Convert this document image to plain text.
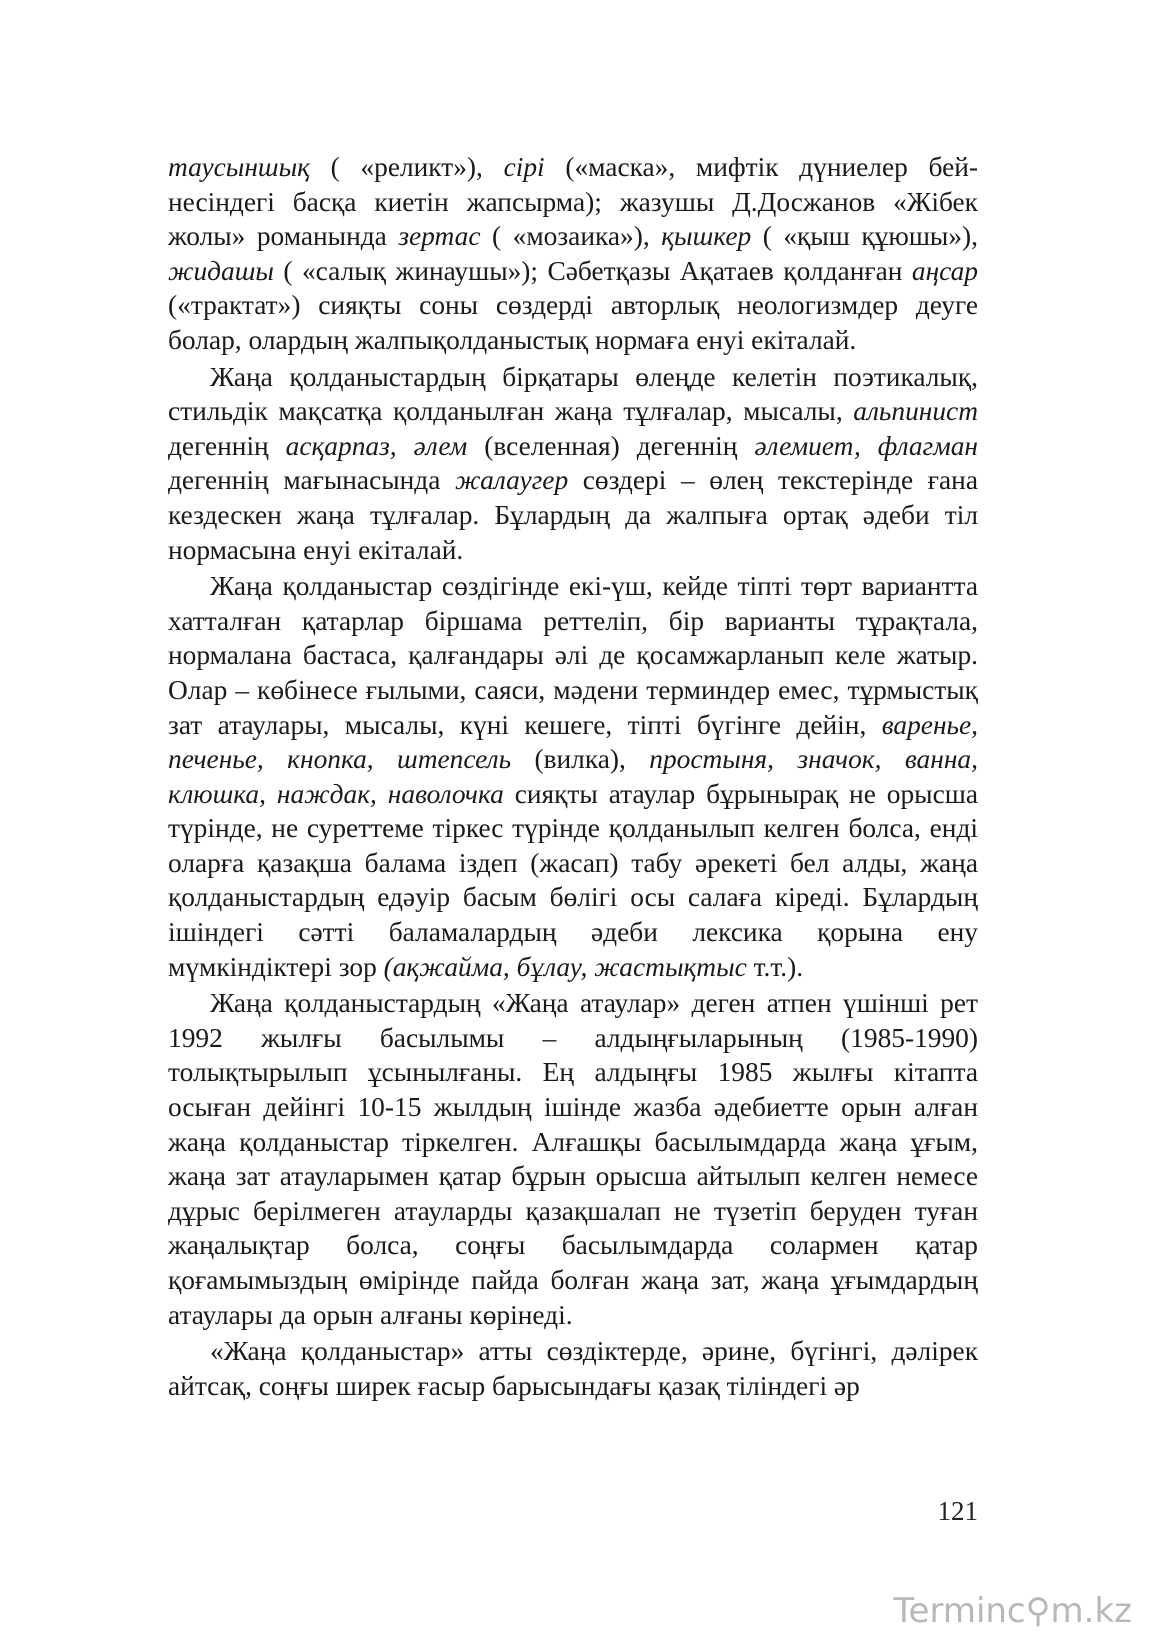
таусыншық ( «реликт»), сірі («маска», мифтік дүниелер бейнесіндегі басқа киетін жапсырма); жазушы Д.Досжанов «Жібек жолы» романында зертас ( «мозаика»), қышкер ( «қыш құюшы»), жидашы ( «салық жинаушы»); Сәбетқазы Ақатаев қолданған аңсар («трактат») сияқты соны сөздерді авторлық неологизмдер деуге болар, олардың жалпықолданыстық нормаға енуі екіталай.

Жаңа қолданыстардың бірқатары өлеңде келетін поэтикалық, стильдік мақсатқа қолданылған жаңа тұлғалар, мысалы, альпинист дегеннің асқарпаз, әлем (вселенная) дегеннің әлемиет, флагман дегеннің мағынасында жалаугер сөздері – өлең текстерінде ғана кездескен жаңа тұлғалар. Бұлардың да жалпыға ортақ әдеби тіл нормасына енуі екіталай.

Жаңа қолданыстар сөздігінде екі-үш, кейде тіпті төрт вариантта хатталған қатарлар біршама реттеліп, бір варианты тұрақтала, нормалана бастаса, қалғандары әлі де қосамжарланып келе жатыр. Олар – көбінесе ғылыми, саяси, мәдени терминдер емес, тұрмыстық зат атаулары, мысалы, күні кешеге, тіпті бүгінге дейін, варенье, печенье, кнопка, штепсель (вилка), простыня, значок, ванна, клюшка, наждак, наволочка сияқты атаулар бұрынырақ не орысша түрінде, не суреттеме тіркес түрінде қолданылып келген болса, енді оларға қазақша балама іздеп (жасап) табу әрекеті бел алды, жаңа қолданыстардың едәуір басым бөлігі осы салаға кіреді. Бұлардың ішіндегі сәтті баламалардың әдеби лексика қорына ену мүмкіндіктері зор (ақжайма, бұлау, жастықтыс т.т.).

Жаңа қолданыстардың «Жаңа атаулар» деген атпен үшінші рет 1992 жылғы басылымы – алдыңғыларының (1985-1990) толықтырылып ұсынылғаны. Ең алдыңғы 1985 жылғы кітапта осыған дейінгі 10-15 жылдың ішінде жазба әдебиетте орын алған жаңа қолданыстар тіркелген. Алғашқы басылымдарда жаңа ұғым, жаңа зат атауларымен қатар бұрын орысша айтылып келген немесе дұрыс берілмеген атауларды қазақшалап не түзетіп беруден туған жаңалықтар болса, соңғы басылымдарда солармен қатар қоғамымыздың өмірінде пайда болған жаңа зат, жаңа ұғымдардың атаулары да орын алғаны көрінеді.

«Жаңа қолданыстар» атты сөздіктерде, әрине, бүгінгі, дәлірек айтсақ, соңғы ширек ғасыр барысындағы қазақ тіліндегі әр

121
Terminc⚲m.kz
